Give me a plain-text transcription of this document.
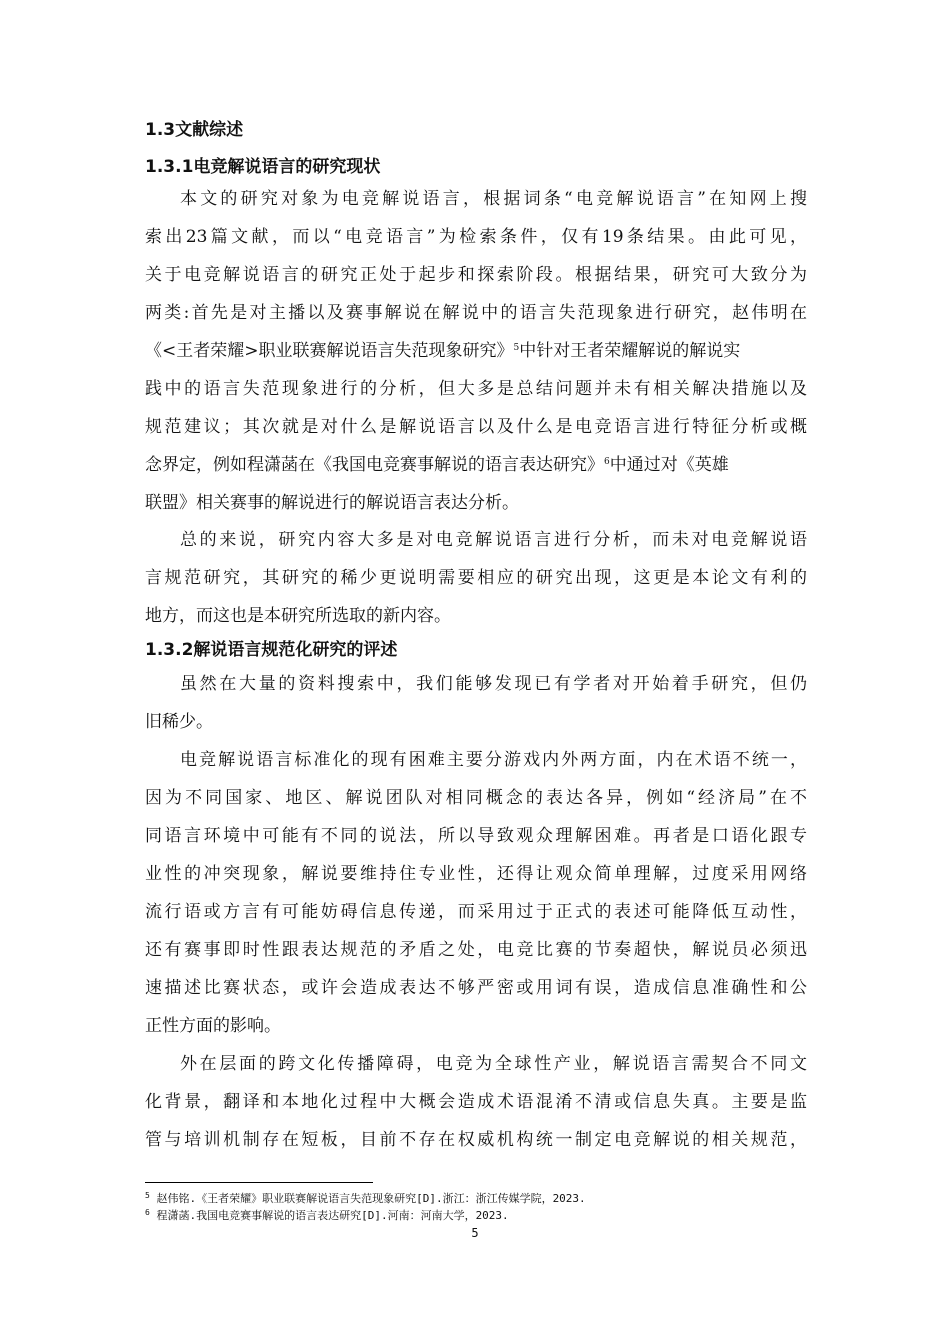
1.3文献综述
1.3.1电竞解说语言的研究现状
本文的研究对象为电竞解说语言，根据词条“电竞解说语言”在知网上搜
索出23篇文献，而以“电竞语言”为检索条件，仅有19条结果。由此可见，
关于电竞解说语言的研究正处于起步和探索阶段。根据结果，研究可大致分为
两类:首先是对主播以及赛事解说在解说中的语言失范现象进行研究，赵伟明在
《<王者荣耀>职业联赛解说语言失范现象研究》$^5$中针对王者荣耀解说的解说实
践中的语言失范现象进行的分析，但大多是总结问题并未有相关解决措施以及
规范建议；其次就是对什么是解说语言以及什么是电竞语言进行特征分析或概
念界定，例如程潇菡在《我国电竞赛事解说的语言表达研究》$^6$中通过对《英雄
联盟》相关赛事的解说进行的解说语言表达分析。
总的来说，研究内容大多是对电竞解说语言进行分析，而未对电竞解说语
言规范研究，其研究的稀少更说明需要相应的研究出现，这更是本论文有利的
地方，而这也是本研究所选取的新内容。
1.3.2解说语言规范化研究的评述
虽然在大量的资料搜索中，我们能够发现已有学者对开始着手研究，但仍
旧稀少。
电竞解说语言标准化的现有困难主要分游戏内外两方面，内在术语不统一，
因为不同国家、地区、解说团队对相同概念的表达各异，例如“经济局”在不
同语言环境中可能有不同的说法，所以导致观众理解困难。再者是口语化跟专
业性的冲突现象，解说要维持住专业性，还得让观众简单理解，过度采用网络
流行语或方言有可能妨碍信息传递，而采用过于正式的表述可能降低互动性，
还有赛事即时性跟表达规范的矛盾之处，电竞比赛的节奏超快，解说员必须迅
速描述比赛状态，或许会造成表达不够严密或用词有误，造成信息准确性和公
正性方面的影响。
外在层面的跨文化传播障碍，电竞为全球性产业，解说语言需契合不同文
化背景，翻译和本地化过程中大概会造成术语混淆不清或信息失真。主要是监
管与培训机制存在短板，目前不存在权威机构统一制定电竞解说的相关规范，
$^5$ 赵伟铭.《王者荣耀》职业联赛解说语言失范现象研究[D].浙江：浙江传媒学院，2023.
$^6$ 程潇菡.我国电竞赛事解说的语言表达研究[D].河南：河南大学，2023.
5
